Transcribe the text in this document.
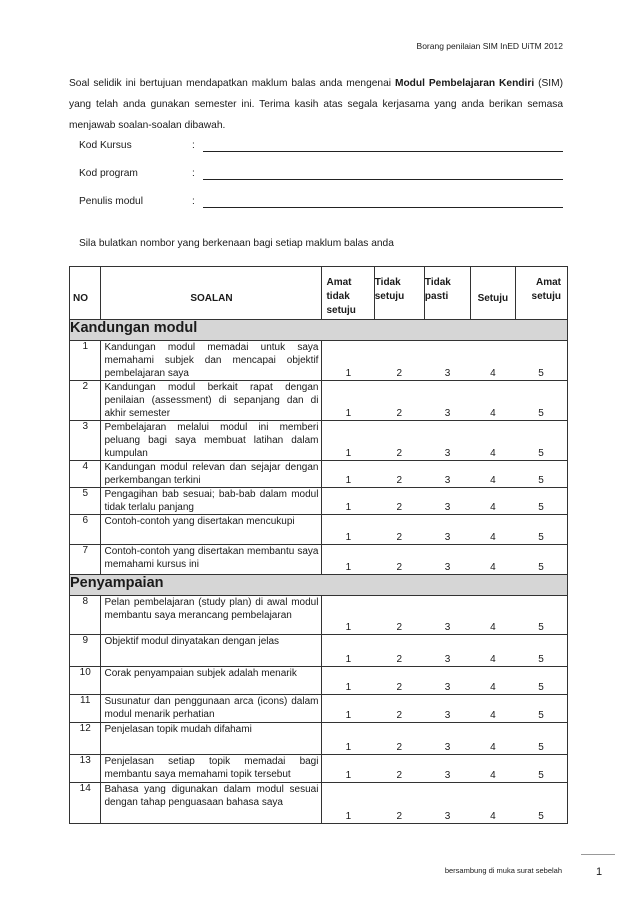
Borang penilaian SIM InED UiTM 2012
Soal selidik ini bertujuan mendapatkan maklum balas anda mengenai Modul Pembelajaran Kendiri (SIM) yang telah anda gunakan semester ini. Terima kasih atas segala kerjasama yang anda berikan semasa menjawab soalan-soalan dibawah.
Kod Kursus	:
Kod program	:
Penulis modul	:
Sila bulatkan nombor yang berkenaan bagi setiap maklum balas anda
NO	SOALAN	Amat tidak setuju	Tidak setuju	Tidak pasti	Setuju	Amat setuju

Kandungan modul						
1	Kandungan modul memadai untuk saya memahami subjek dan mencapai objektif pembelajaran saya	1	2	3	4	5
2	Kandungan modul berkait rapat dengan penilaian (assessment) di sepanjang dan di akhir semester	1	2	3	4	5
3	Pembelajaran melalui modul ini memberi peluang bagi saya membuat latihan dalam kumpulan	1	2	3	4	5
4	Kandungan modul relevan dan sejajar dengan perkembangan terkini	1	2	3	4	5
5	Pengagihan bab sesuai; bab-bab dalam modul tidak terlalu panjang	1	2	3	4	5
6	Contoh-contoh yang disertakan mencukupi	1	2	3	4	5
7	Contoh-contoh yang disertakan membantu saya memahami kursus ini	1	2	3	4	5
Penyampaian						
8	Pelan pembelajaran (study plan) di awal modul membantu saya merancang pembelajaran	1	2	3	4	5
9	Objektif modul dinyatakan dengan jelas	1	2	3	4	5
10	Corak penyampaian subjek adalah menarik	1	2	3	4	5
11	Susunatur dan penggunaan arca (icons) dalam modul menarik perhatian	1	2	3	4	5
12	Penjelasan topik mudah difahami	1	2	3	4	5
13	Penjelasan setiap topik memadai bagi membantu saya memahami topik tersebut	1	2	3	4	5
14	Bahasa yang digunakan dalam modul sesuai dengan tahap penguasaan bahasa saya	1	2	3	4	5
bersambung di muka surat sebelah	1
